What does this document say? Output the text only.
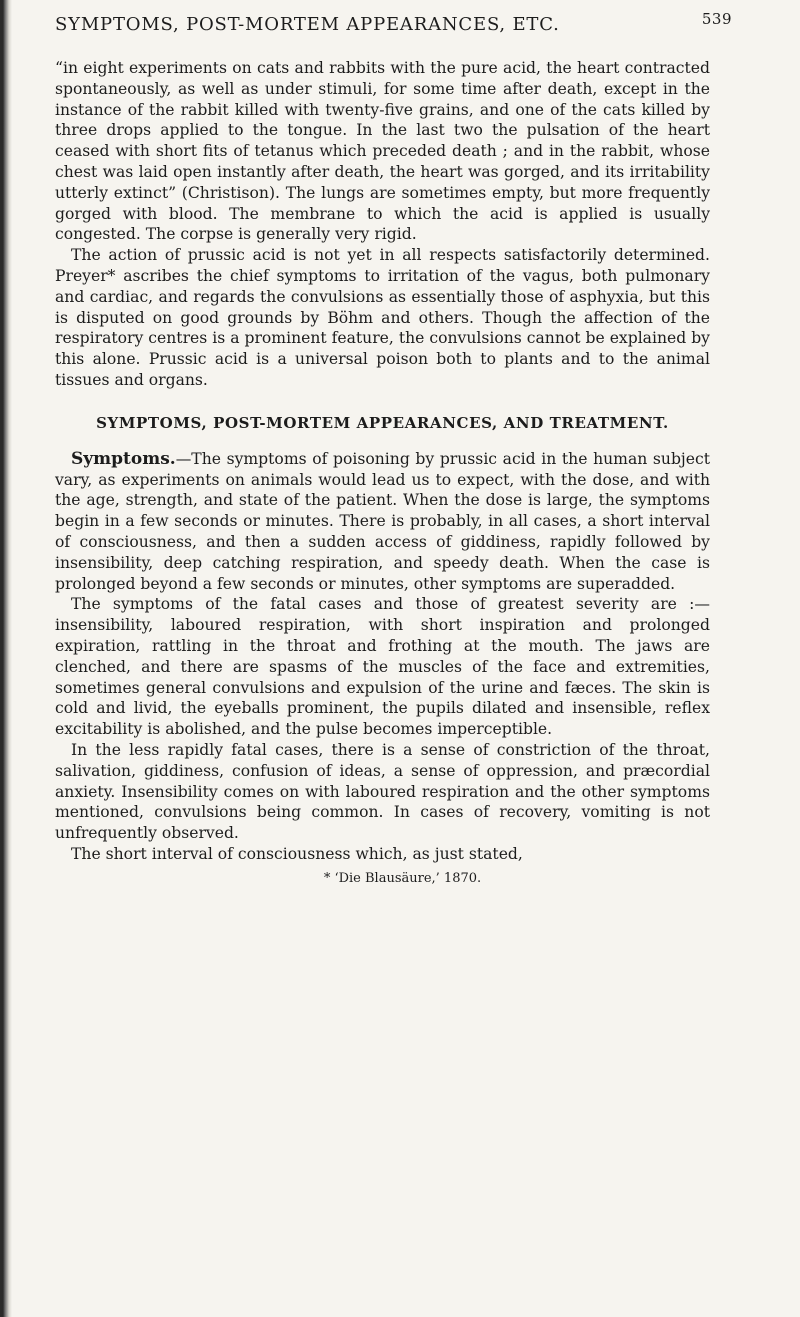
SYMPTOMS, POST-MORTEM APPEARANCES, ETC.	539

“in eight experiments on cats and rabbits with the pure acid, the heart contracted spontaneously, as well as under stimuli, for some time after death, except in the instance of the rabbit killed with twenty-five grains, and one of the cats killed by three drops applied to the tongue. In the last two the pulsation of the heart ceased with short fits of tetanus which preceded death ; and in the rabbit, whose chest was laid open instantly after death, the heart was gorged, and its irritability utterly extinct” (Christison). The lungs are sometimes empty, but more frequently gorged with blood. The membrane to which the acid is applied is usually congested. The corpse is generally very rigid.

The action of prussic acid is not yet in all respects satisfactorily determined. Preyer* ascribes the chief symptoms to irritation of the vagus, both pulmonary and cardiac, and regards the convulsions as essentially those of asphyxia, but this is disputed on good grounds by Böhm and others. Though the affection of the respiratory centres is a prominent feature, the convulsions cannot be explained by this alone. Prussic acid is a universal poison both to plants and to the animal tissues and organs.

SYMPTOMS, POST-MORTEM APPEARANCES, AND TREATMENT.

Symptoms.—The symptoms of poisoning by prussic acid in the human subject vary, as experiments on animals would lead us to expect, with the dose, and with the age, strength, and state of the patient. When the dose is large, the symptoms begin in a few seconds or minutes. There is probably, in all cases, a short interval of consciousness, and then a sudden access of giddiness, rapidly followed by insensibility, deep catching respiration, and speedy death. When the case is prolonged beyond a few seconds or minutes, other symptoms are superadded.

The symptoms of the fatal cases and those of greatest severity are :—insensibility, laboured respiration, with short inspiration and prolonged expiration, rattling in the throat and frothing at the mouth. The jaws are clenched, and there are spasms of the muscles of the face and extremities, sometimes general convulsions and expulsion of the urine and fæces. The skin is cold and livid, the eyeballs prominent, the pupils dilated and insensible, reflex excitability is abolished, and the pulse becomes imperceptible.

In the less rapidly fatal cases, there is a sense of constriction of the throat, salivation, giddiness, confusion of ideas, a sense of oppression, and præcordial anxiety. Insensibility comes on with laboured respiration and the other symptoms mentioned, convulsions being common. In cases of recovery, vomiting is not unfrequently observed.

The short interval of consciousness which, as just stated,

* ‘Die Blausäure,’ 1870.
